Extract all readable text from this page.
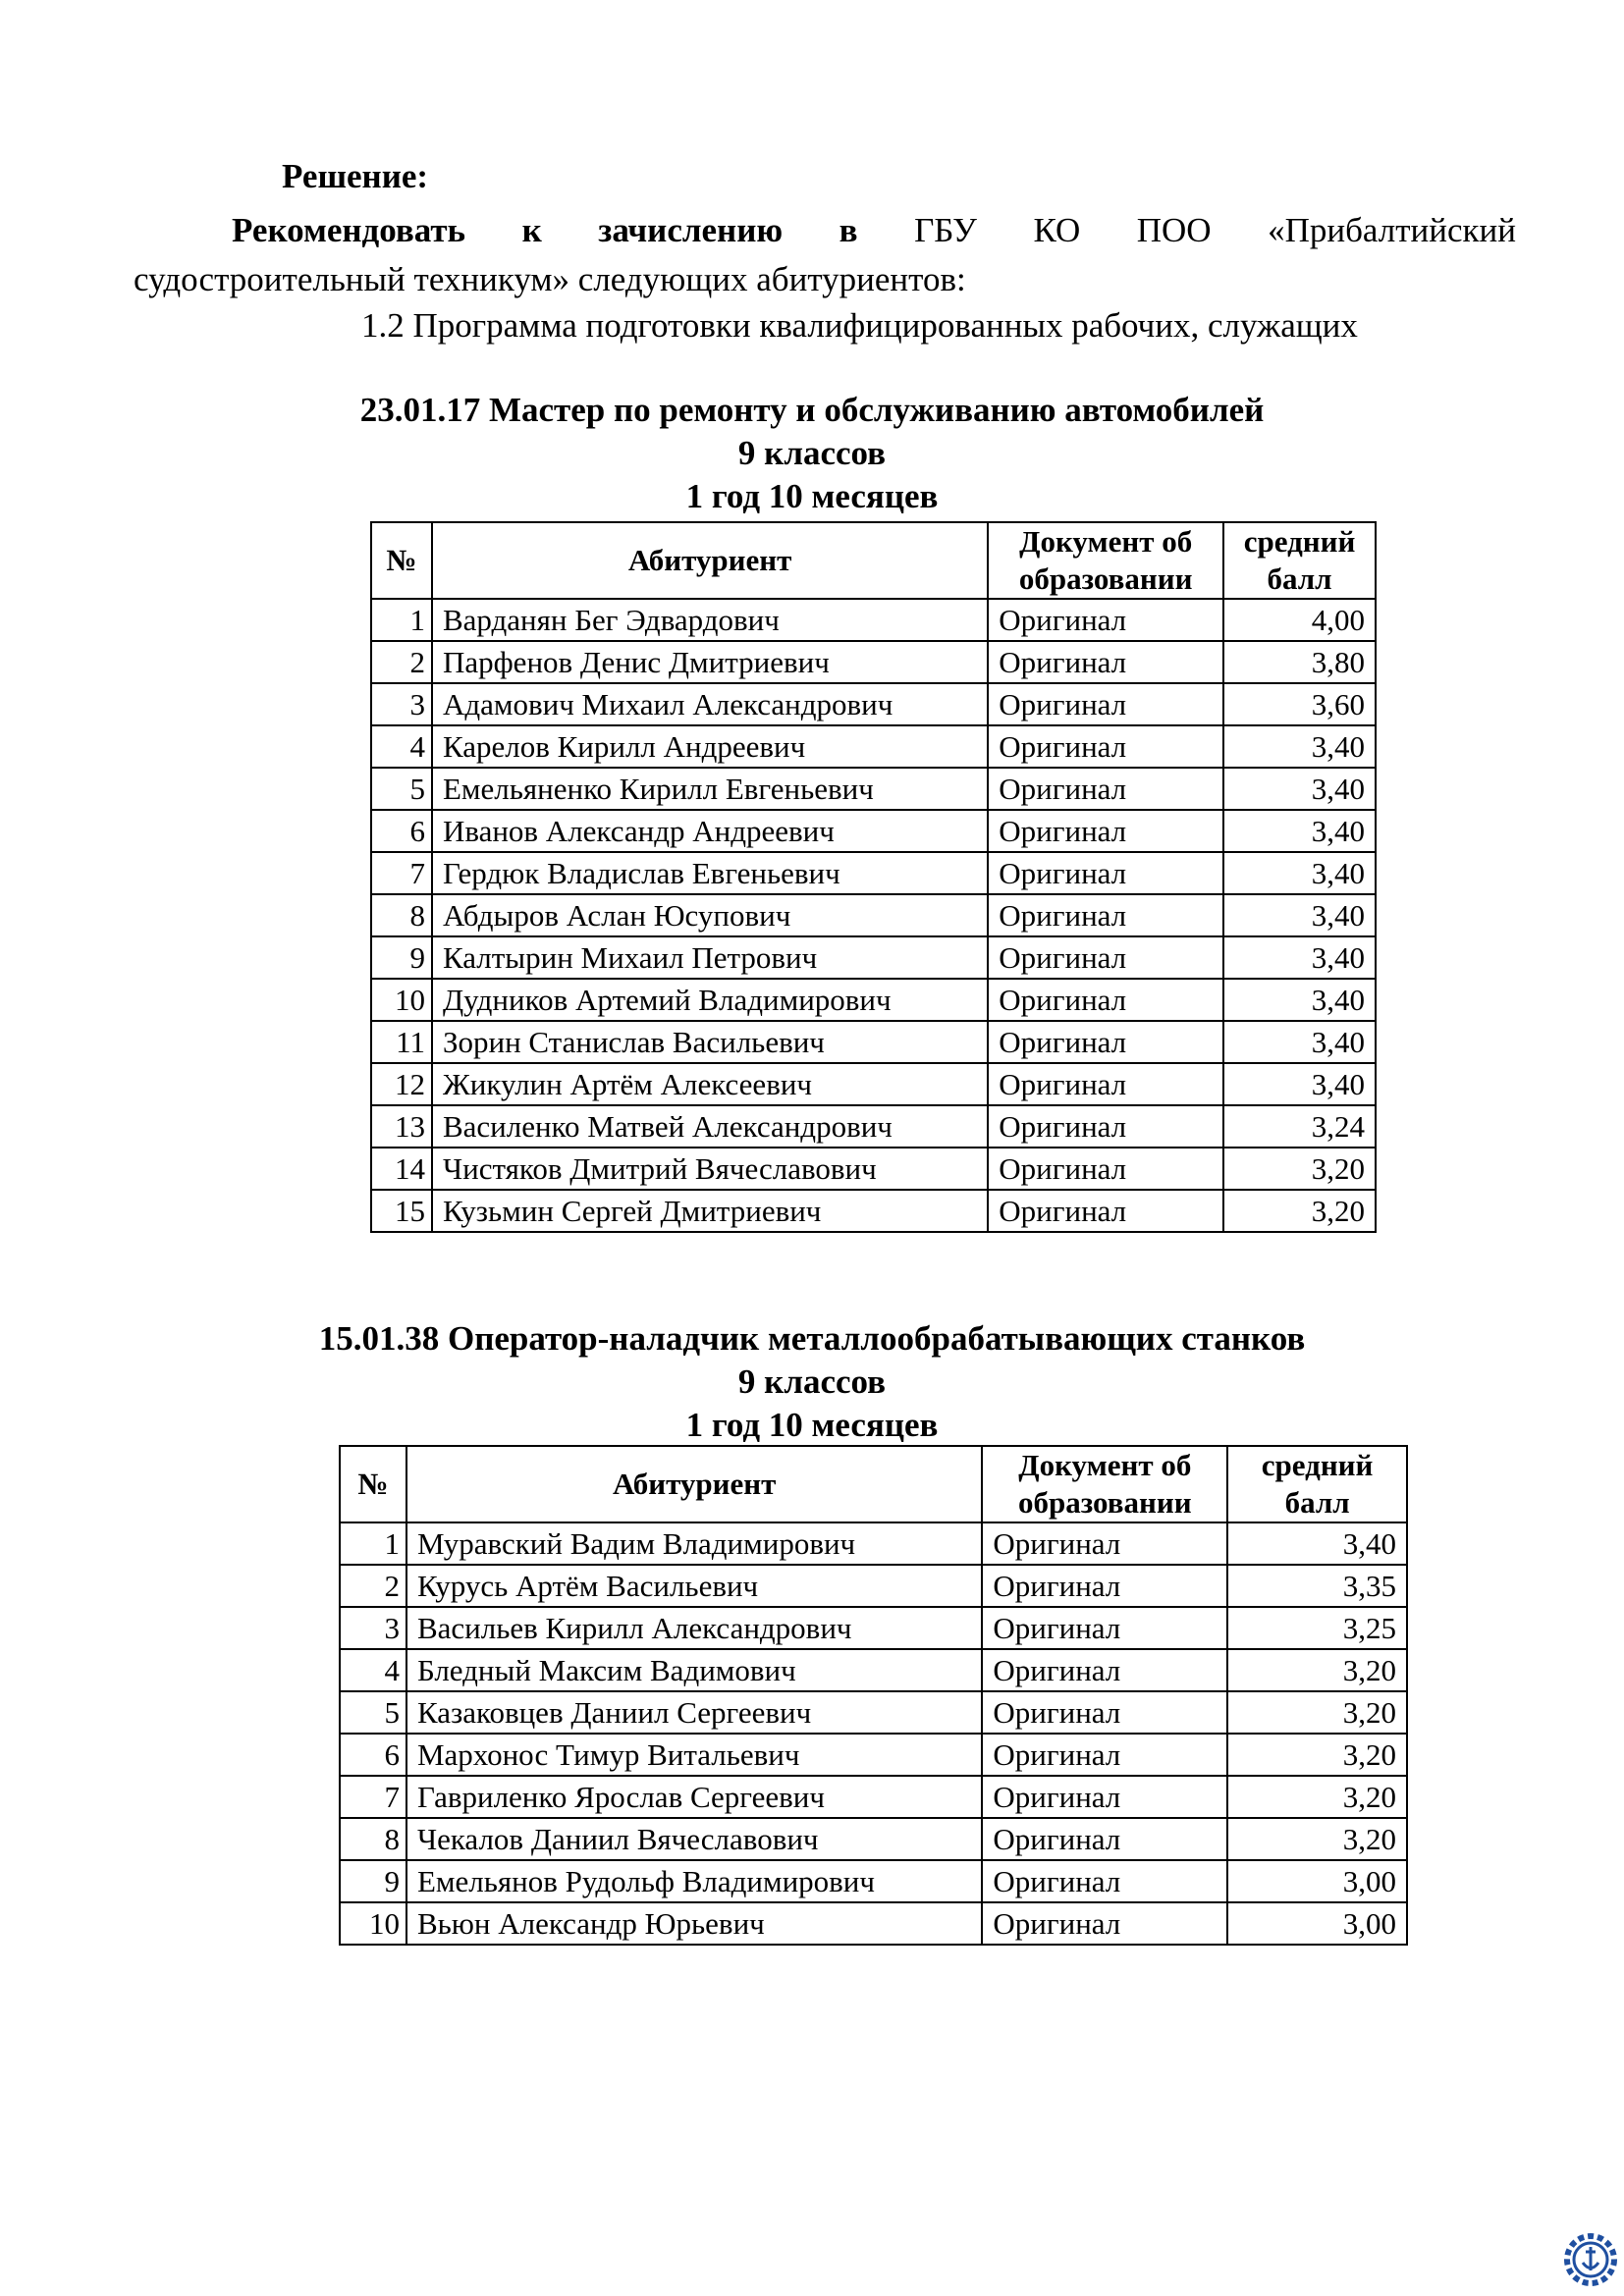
Решение:
Рекомендовать к зачислению в ГБУ КО ПОО «Прибалтийский
судостроительный техникум» следующих абитуриентов:
1.2 Программа подготовки квалифицированных рабочих, служащих
23.01.17 Мастер по ремонту и обслуживанию автомобилей
9 классов
1 год 10 месяцев
№	Абитуриент	Документ об образовании	средний балл
1	Варданян Бег Эдвардович	Оригинал	4,00
2	Парфенов Денис Дмитриевич	Оригинал	3,80
3	Адамович Михаил Александрович	Оригинал	3,60
4	Карелов Кирилл Андреевич	Оригинал	3,40
5	Емельяненко Кирилл Евгеньевич	Оригинал	3,40
6	Иванов Александр Андреевич	Оригинал	3,40
7	Гердюк Владислав Евгеньевич	Оригинал	3,40
8	Абдыров Аслан Юсупович	Оригинал	3,40
9	Калтырин Михаил Петрович	Оригинал	3,40
10	Дудников Артемий Владимирович	Оригинал	3,40
11	Зорин Станислав Васильевич	Оригинал	3,40
12	Жикулин Артём Алексеевич	Оригинал	3,40
13	Василенко Матвей Александрович	Оригинал	3,24
14	Чистяков Дмитрий Вячеславович	Оригинал	3,20
15	Кузьмин Сергей Дмитриевич	Оригинал	3,20
15.01.38 Оператор-наладчик металлообрабатывающих станков
9 классов
1 год 10 месяцев
№	Абитуриент	Документ об образовании	средний балл
1	Муравский Вадим Владимирович	Оригинал	3,40
2	Курусь Артём Васильевич	Оригинал	3,35
3	Васильев Кирилл Александрович	Оригинал	3,25
4	Бледный Максим Вадимович	Оригинал	3,20
5	Казаковцев Даниил Сергеевич	Оригинал	3,20
6	Мархонос Тимур Витальевич	Оригинал	3,20
7	Гавриленко Ярослав Сергеевич	Оригинал	3,20
8	Чекалов Даниил Вячеславович	Оригинал	3,20
9	Емельянов Рудольф Владимирович	Оригинал	3,00
10	Вьюн Александр Юрьевич	Оригинал	3,00
